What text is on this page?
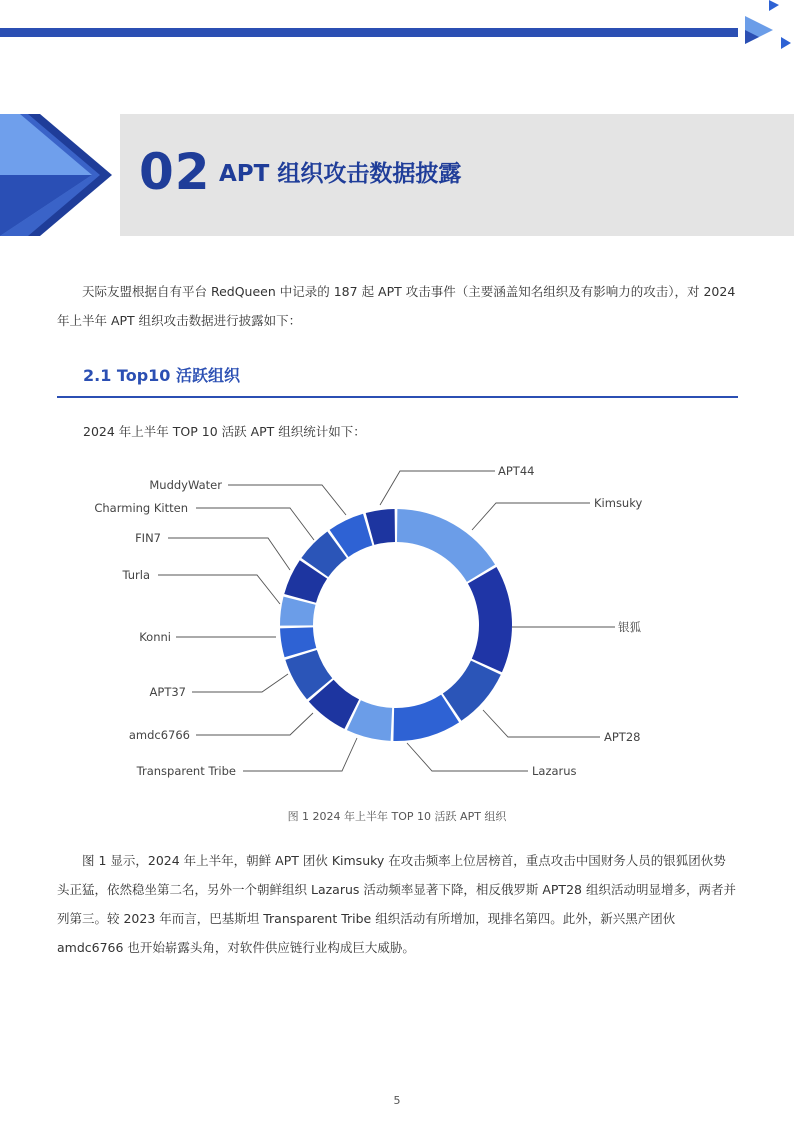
02 APT 组织攻击数据披露

天际友盟根据自有平台 RedQueen 中记录的 187 起 APT 攻击事件（主要涵盖知名组织及有影响力的攻击），对 2024 年上半年 APT 组织攻击数据进行披露如下：

2.1 Top10 活跃组织
2024 年上半年 TOP 10 活跃 APT 组织统计如下：
APT44
Kimsuky
银狐
APT28
Lazarus
Transparent Tribe
amdc6766
APT37
Konni
Turla
FIN7
Charming Kitten
MuddyWater
图 1 2024 年上半年 TOP 10 活跃 APT 组织

图 1 显示，2024 年上半年，朝鲜 APT 团伙 Kimsuky 在攻击频率上位居榜首，重点攻击中国财务人员的银狐团伙势头正猛，依然稳坐第二名，另外一个朝鲜组织 Lazarus 活动频率显著下降，相反俄罗斯 APT28 组织活动明显增多，两者并列第三。较 2023 年而言，巴基斯坦 Transparent Tribe 组织活动有所增加，现排名第四。此外，新兴黑产团伙 amdc6766 也开始崭露头角，对软件供应链行业构成巨大威胁。

5
